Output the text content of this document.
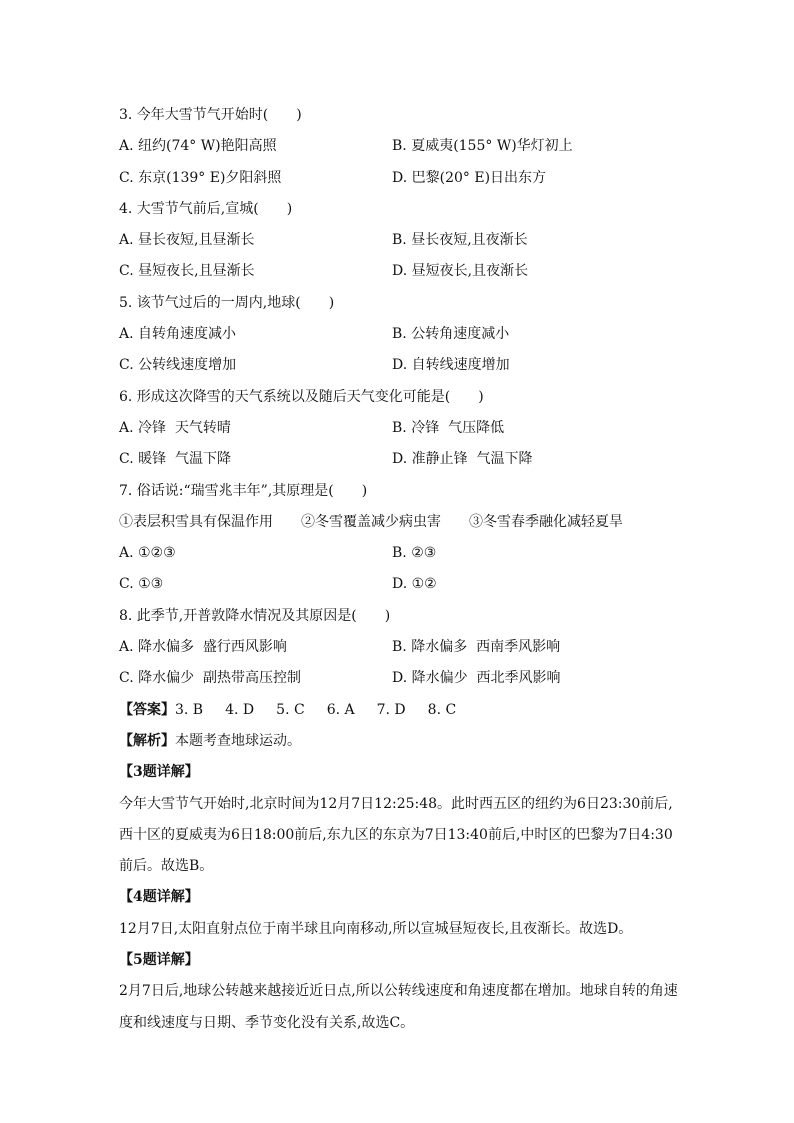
3. 今年大雪节气开始时(　　)
A. 纽约(74° W)艳阳高照	B. 夏威夷(155° W)华灯初上
C. 东京(139° E)夕阳斜照	D. 巴黎(20° E)日出东方
4. 大雪节气前后,宣城(　　)
A. 昼长夜短,且昼渐长	B. 昼长夜短,且夜渐长
C. 昼短夜长,且昼渐长	D. 昼短夜长,且夜渐长
5. 该节气过后的一周内,地球(　　)
A. 自转角速度减小	B. 公转角速度减小
C. 公转线速度增加	D. 自转线速度增加
6. 形成这次降雪的天气系统以及随后天气变化可能是(　　)
A. 冷锋  天气转晴	B. 冷锋  气压降低
C. 暖锋  气温下降	D. 准静止锋  气温下降
7. 俗话说:“瑞雪兆丰年”,其原理是(　　)
①表层积雪具有保温作用 ②冬雪覆盖减少病虫害 ③冬雪春季融化减轻夏旱
A. ①②③	B. ②③
C. ①③	D. ①②
8. 此季节,开普敦降水情况及其原因是(　　)
A. 降水偏多  盛行西风影响	B. 降水偏多  西南季风影响
C. 降水偏少  副热带高压控制	D. 降水偏少  西北季风影响
【答案】3. B 4. D 5. C 6. A 7. D 8. C
【解析】本题考查地球运动。
【3题详解】
今年大雪节气开始时,北京时间为12月7日12:25:48。此时西五区的纽约为6日23:30前后,西十区的夏威夷为6日18:00前后,东九区的东京为7日13:40前后,中时区的巴黎为7日4:30前后。故选B。
【4题详解】
12月7日,太阳直射点位于南半球且向南移动,所以宣城昼短夜长,且夜渐长。故选D。
【5题详解】
2月7日后,地球公转越来越接近近日点,所以公转线速度和角速度都在增加。地球自转的角速度和线速度与日期、季节变化没有关系,故选C。
